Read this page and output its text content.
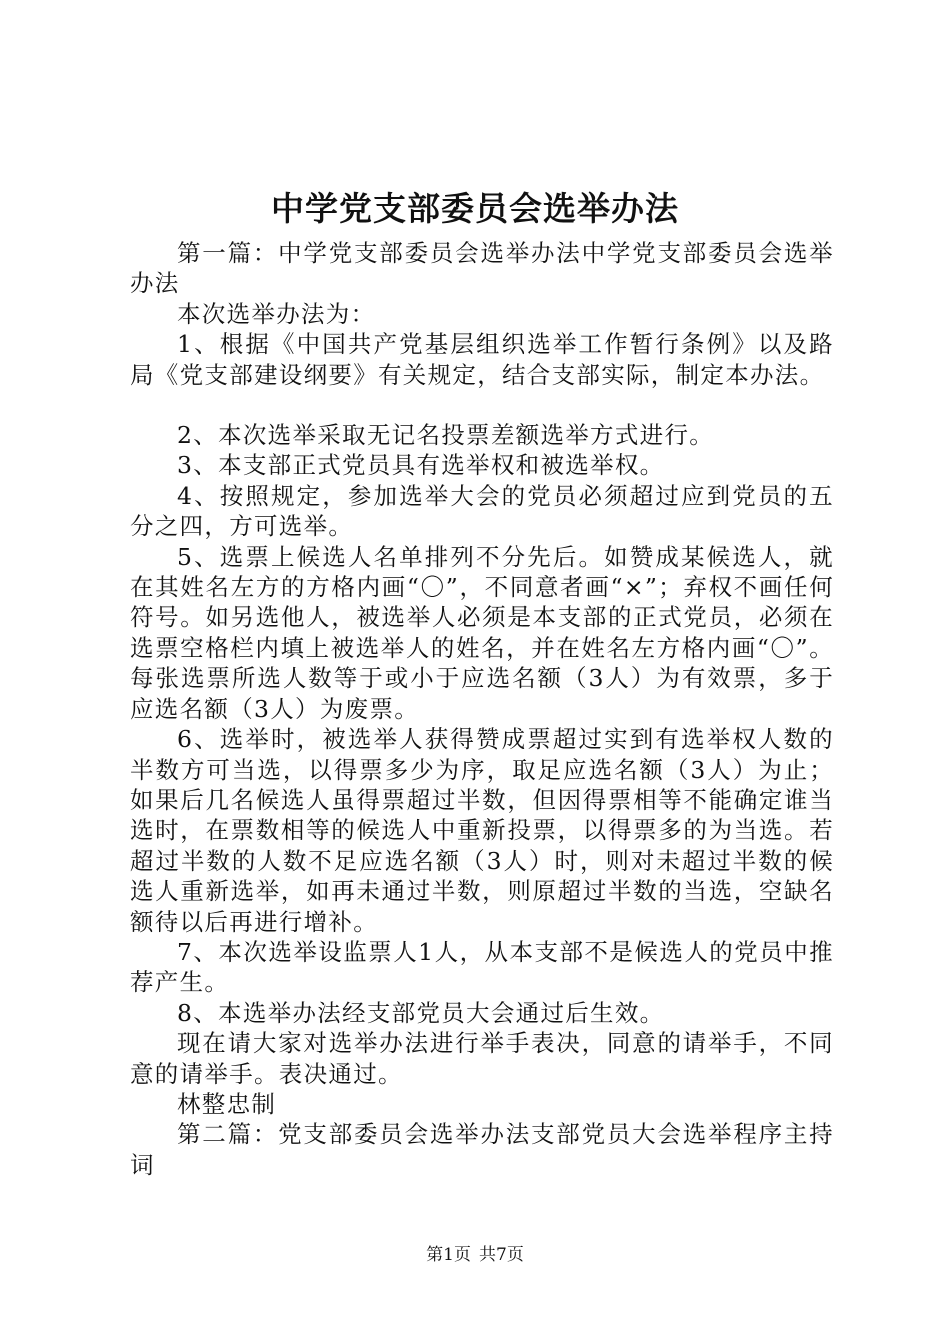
中学党支部委员会选举办法

第一篇：中学党支部委员会选举办法中学党支部委员会选举办法

本次选举办法为：

1、根据《中国共产党基层组织选举工作暂行条例》以及路局《党支部建设纲要》有关规定，结合支部实际，制定本办法。

2、本次选举采取无记名投票差额选举方式进行。

3、本支部正式党员具有选举权和被选举权。

4、按照规定，参加选举大会的党员必须超过应到党员的五分之四，方可选举。

5、选票上候选人名单排列不分先后。如赞成某候选人，就在其姓名左方的方格内画“〇”，不同意者画“×”；弃权不画任何符号。如另选他人，被选举人必须是本支部的正式党员，必须在选票空格栏内填上被选举人的姓名，并在姓名左方格内画“〇”。每张选票所选人数等于或小于应选名额（3人）为有效票，多于应选名额（3人）为废票。

6、选举时，被选举人获得赞成票超过实到有选举权人数的半数方可当选，以得票多少为序，取足应选名额（3人）为止；如果后几名候选人虽得票超过半数，但因得票相等不能确定谁当选时，在票数相等的候选人中重新投票，以得票多的为当选。若超过半数的人数不足应选名额（3人）时，则对未超过半数的候选人重新选举，如再未通过半数，则原超过半数的当选，空缺名额待以后再进行增补。

7、本次选举设监票人1人，从本支部不是候选人的党员中推荐产生。

8、本选举办法经支部党员大会通过后生效。

现在请大家对选举办法进行举手表决，同意的请举手，不同意的请举手。表决通过。

林整忠制

第二篇：党支部委员会选举办法支部党员大会选举程序主持词

第1页 共7页
